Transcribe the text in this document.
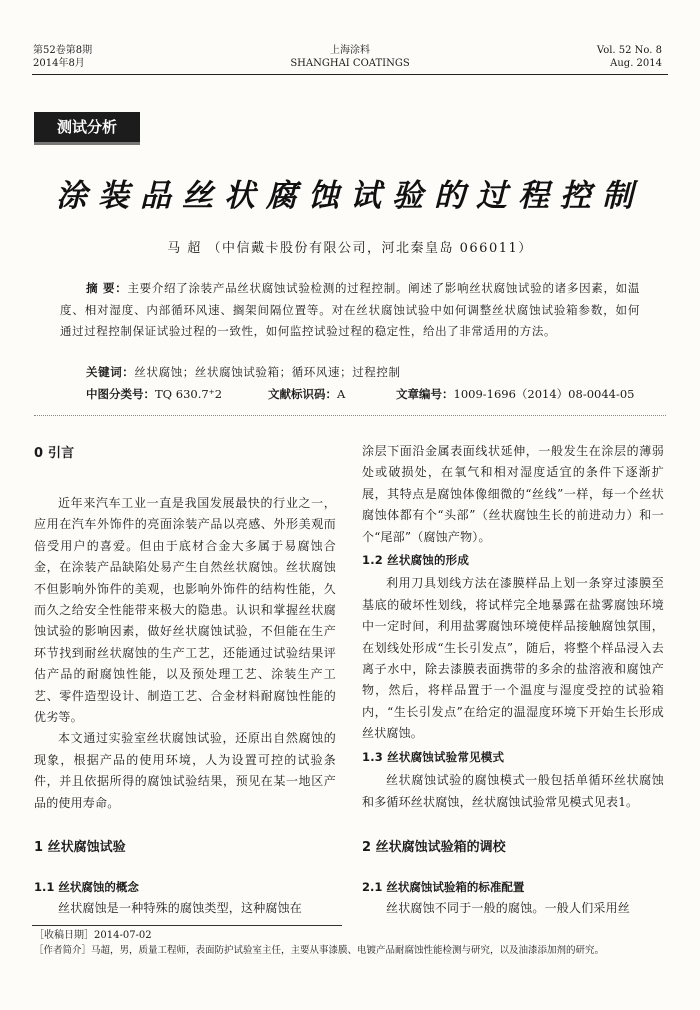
第52卷第8期
2014年8月
上海涂料
SHANGHAI COATINGS
Vol. 52 No. 8
Aug. 2014
测试分析
涂装品丝状腐蚀试验的过程控制
马 超 （中信戴卡股份有限公司，河北秦皇岛 066011）
摘 要：主要介绍了涂装产品丝状腐蚀试验检测的过程控制。阐述了影响丝状腐蚀试验的诸多因素，如温度、相对湿度、内部循环风速、搁架间隔位置等。对在丝状腐蚀试验中如何调整丝状腐蚀试验箱参数，如何通过过程控制保证试验过程的一致性，如何监控试验过程的稳定性，给出了非常适用的方法。
关键词：丝状腐蚀；丝状腐蚀试验箱；循环风速；过程控制
中图分类号：TQ 630.7⁺2	文献标识码：A	文章编号：1009-1696（2014）08-0044-05
0 引言

近年来汽车工业一直是我国发展最快的行业之一，应用在汽车外饰件的亮面涂装产品以亮感、外形美观而倍受用户的喜爱。但由于底材合金大多属于易腐蚀合金，在涂装产品缺陷处易产生自然丝状腐蚀。丝状腐蚀不但影响外饰件的美观，也影响外饰件的结构性能，久而久之给安全性能带来极大的隐患。认识和掌握丝状腐蚀试验的影响因素，做好丝状腐蚀试验，不但能在生产环节找到耐丝状腐蚀的生产工艺，还能通过试验结果评估产品的耐腐蚀性能，以及预处理工艺、涂装生产工艺、零件造型设计、制造工艺、合金材料耐腐蚀性能的优劣等。

本文通过实验室丝状腐蚀试验，还原出自然腐蚀的现象，根据产品的使用环境，人为设置可控的试验条件，并且依据所得的腐蚀试验结果，预见在某一地区产品的使用寿命。

1 丝状腐蚀试验
1.1 丝状腐蚀的概念

丝状腐蚀是一种特殊的腐蚀类型，这种腐蚀在

涂层下面沿金属表面线状延伸，一般发生在涂层的薄弱处或破损处，在氧气和相对湿度适宜的条件下逐渐扩展，其特点是腐蚀体像细微的“丝线”一样，每一个丝状腐蚀体都有个“头部”（丝状腐蚀生长的前进动力）和一个“尾部”（腐蚀产物）。

1.2 丝状腐蚀的形成

利用刀具划线方法在漆膜样品上划一条穿过漆膜至基底的破坏性划线，将试样完全地暴露在盐雾腐蚀环境中一定时间，利用盐雾腐蚀环境使样品接触腐蚀氛围，在划线处形成“生长引发点”，随后，将整个样品浸入去离子水中，除去漆膜表面携带的多余的盐溶液和腐蚀产物，然后，将样品置于一个温度与湿度受控的试验箱内，“生长引发点”在给定的温湿度环境下开始生长形成丝状腐蚀。

1.3 丝状腐蚀试验常见模式

丝状腐蚀试验的腐蚀模式一般包括单循环丝状腐蚀和多循环丝状腐蚀，丝状腐蚀试验常见模式见表1。

2 丝状腐蚀试验箱的调校
2.1 丝状腐蚀试验箱的标准配置

丝状腐蚀不同于一般的腐蚀。一般人们采用丝

［收稿日期］2014-07-02
［作者简介］马超，男，质量工程师，表面防护试验室主任，主要从事漆膜、电镀产品耐腐蚀性能检测与研究，以及油漆添加剂的研究。
